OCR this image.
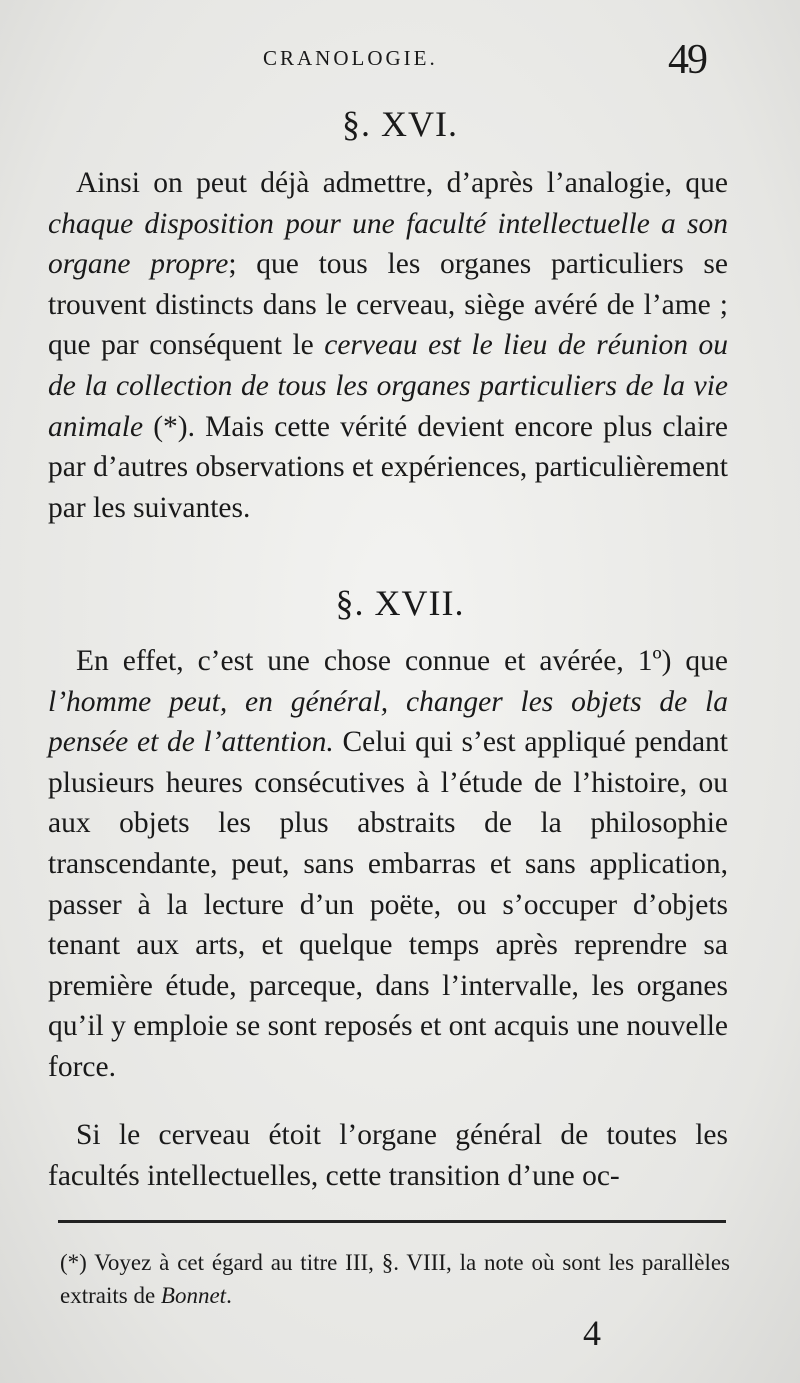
CRANOLOGIE.	49
§. XVI.

Ainsi on peut déjà admettre, d’après l’analogie, que chaque disposition pour une faculté intellectuelle a son organe propre; que tous les organes particuliers se trouvent distincts dans le cerveau, siège avéré de l’ame ; que par conséquent le cerveau est le lieu de réunion ou de la collection de tous les organes particuliers de la vie animale (*). Mais cette vérité devient encore plus claire par d’autres observations et expériences, particulièrement par les suivantes.

§. XVII.

En effet, c’est une chose connue et avérée, 1º) que l’homme peut, en général, changer les objets de la pensée et de l’attention. Celui qui s’est appliqué pendant plusieurs heures consécutives à l’étude de l’histoire, ou aux objets les plus abstraits de la philosophie transcendante, peut, sans embarras et sans application, passer à la lecture d’un poëte, ou s’occuper d’objets tenant aux arts, et quelque temps après reprendre sa première étude, parceque, dans l’intervalle, les organes qu’il y emploie se sont reposés et ont acquis une nouvelle force.

Si le cerveau étoit l’organe général de toutes les facultés intellectuelles, cette transition d’une oc-

(*) Voyez à cet égard au titre III, §. VIII, la note où sont les parallèles extraits de Bonnet.

4
